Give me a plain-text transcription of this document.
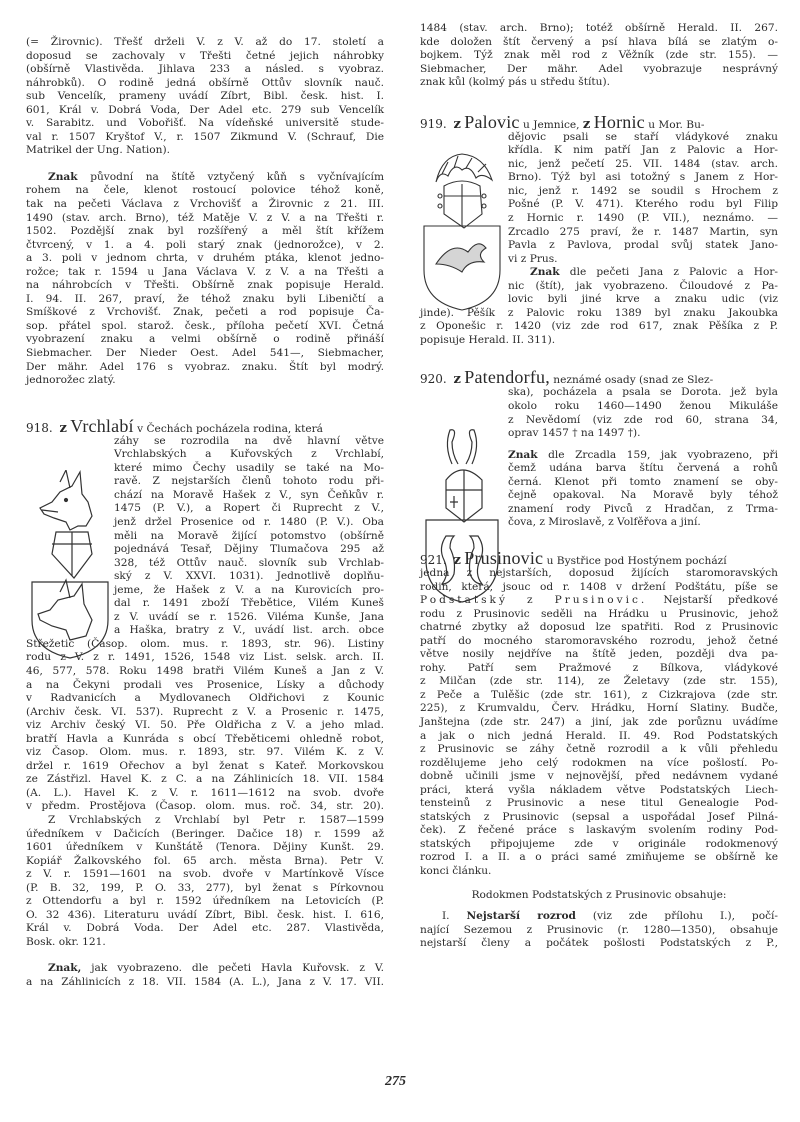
(= Žirovnic). Třešť drželi V. z V. až do 17. století a
doposud se zachovaly v Třešti četné jejich náhrobky
(obšírně Vlastivěda. Jihlava 233 a násled. s vyobraz.
náhrobků). O rodině jedná obšírně Ottův slovník nauč.
sub Vencelík, prameny uvádí Zíbrt, Bibl. česk. hist. I.
601, Král v. Dobrá Voda, Der Adel etc. 279 sub Vencelík
v. Sarabitz. und Vobořišť. Na vídeňské universitě stude-
val r. 1507 Kryštof V., r. 1507 Zikmund V. (Schrauf, Die
Matrikel der Ung. Nation).
Znak původní na štítě vztyčený kůň s vyčnívajícím
rohem na čele, klenot rostoucí polovice téhož koně,
tak na pečeti Václava z Vrchovišť a Žirovnic z 21. III.
1490 (stav. arch. Brno), též Matěje V. z V. a na Třešti r.
1502. Pozdější znak byl rozšířený a měl štít křížem
čtvrcený, v 1. a 4. poli starý znak (jednorožce), v 2.
a 3. poli v jednom chrta, v druhém ptáka, klenot jedno-
rožce; tak r. 1594 u Jana Václava V. z V. a na Třešti a
na náhrobcích v Třešti. Obšírně znak popisuje Herald.
I. 94. II. 267, praví, že téhož znaku byli Libeničtí a
Smíškové z Vrchovišť. Znak, pečeti a rod popisuje Ča-
sop. přátel spol. starož. česk., příloha pečetí XVI. Četná
vyobrazení znaku a velmi obšírně o rodině přináší
Siebmacher. Der Nieder Oest. Adel 541—, Siebmacher,
Der mähr. Adel 176 s vyobraz. znaku. Štít byl modrý.
jednorožec zlatý.
918. z Vrchlabí v Čechách pocházela rodina, která
záhy se rozrodila na dvě hlavní větve
Vrchlabských a Kuřovských z Vrchlabí,
které mimo Čechy usadily se také na Mo-
ravě. Z nejstarších členů tohoto rodu při-
chází na Moravě Hašek z V., syn Čeňkův r.
1475 (P. V.), a Ropert či Ruprecht z V.,
jenž držel Prosenice od r. 1480 (P. V.). Oba
měli na Moravě žijící potomstvo (obšírně
pojednává Tesař, Dějiny Tlumačova 295 až
328, též Ottův nauč. slovník sub Vrchlab-
ský z V. XXVI. 1031). Jednotlivě doplňu-
jeme, že Hašek z V. a na Kurovicích pro-
dal r. 1491 zboží Třebětice, Vilém Kuneš
z V. uvádí se r. 1526. Viléma Kunše, Jana
a Haška, bratry z V., uvádí list. arch. obce
Střežetic (Časop. olom. mus. r. 1893, str. 96). Listiny
rodu z V. z r. 1491, 1526, 1548 viz List. selsk. arch. II.
46, 577, 578. Roku 1498 bratři Vilém Kuneš a Jan z V.
a na Čekyni prodali ves Prosenice, Lísky a důchody
v Radvanicích a Mydlovanech Oldřichovi z Kounic
(Archiv česk. VI. 537). Ruprecht z V. a Prosenic r. 1475,
viz Archiv český VI. 50. Pře Oldřicha z V. a jeho mlad.
bratří Havla a Kunráda s obcí Třeběticemi ohledně robot,
viz Časop. Olom. mus. r. 1893, str. 97. Vilém K. z V.
držel r. 1619 Ořechov a byl ženat s Kateř. Morkovskou
ze Zástřizl. Havel K. z C. a na Záhlinicích 18. VII. 1584
(A. L.). Havel K. z V. r. 1611—1612 na svob. dvoře
v předm. Prostějova (Časop. olom. mus. roč. 34, str. 20).
Z Vrchlabských z Vrchlabí byl Petr r. 1587—1599
úředníkem v Dačicích (Beringer. Dačice 18) r. 1599 až
1601 úředníkem v Kunštátě (Tenora. Dějiny Kunšt. 29.
Kopiář Žalkovského fol. 65 arch. města Brna). Petr V.
z V. r. 1591—1601 na svob. dvoře v Martínkově Vísce
(P. B. 32, 199, P. O. 33, 277), byl ženat s Pírkovnou
z Ottendorfu a byl r. 1592 úředníkem na Letovicích (P.
O. 32 436). Literaturu uvádí Zíbrt, Bibl. česk. hist. I. 616,
Král v. Dobrá Voda. Der Adel etc. 287. Vlastivěda,
Bosk. okr. 121.
Znak, jak vyobrazeno. dle pečeti Havla Kuřovsk. z V.
a na Záhlinicích z 18. VII. 1584 (A. L.), Jana z V. 17. VII.
1484 (stav. arch. Brno); totéž obšírně Herald. II. 267.
kde doložen štít červený a psí hlava bílá se zlatým o-
bojkem. Týž znak měl rod z Věžník (zde str. 155). —
Siebmacher, Der mähr. Adel vyobrazuje nesprávný
znak kůl (kolmý pás u středu štítu).
919. z Palovic u Jemnice, z Hornic u Mor. Bu-
dějovic psali se staří vládykové znaku
křídla. K nim patří Jan z Palovic a Hor-
nic, jenž pečetí 25. VII. 1484 (stav. arch.
Brno). Týž byl asi totožný s Janem z Hor-
nic, jenž r. 1492 se soudil s Hrochem z
Pošné (P. V. 471). Kterého rodu byl Filip
z Hornic r. 1490 (P. VII.), neznámo. —
Zrcadlo 275 praví, že r. 1487 Martin, syn
Pavla z Pavlova, prodal svůj statek Jano-
vi z Prus.
Znak dle pečeti Jana z Palovic a Hor-
nic (štít), jak vyobrazeno. Čiloudové z Pa-
lovic byli jiné krve a znaku udic (viz
jinde). Pěšík z Palovic roku 1389 byl znaku Jakoubka
z Oponešic r. 1420 (viz zde rod 617, znak Pěšíka z P.
popisuje Herald. II. 311).
920. z Patendorfu, neznámé osady (snad ze Slez-
ska), pocházela a psala se Dorota. jež byla
okolo roku 1460—1490 ženou Mikuláše
z Nevědomí (viz zde rod 60, strana 34,
oprav 1457 † na 1497 †).
Znak dle Zrcadla 159, jak vyobrazeno, při
čemž udána barva štítu červená a rohů
černá. Klenot při tomto znamení se oby-
čejně opakoval. Na Moravě byly téhož
znamení rody Pivců z Hradčan, z Trma-
čova, z Miroslavě, z Volfěřova a jiní.
921. z Prusinovic u Bystřice pod Hostýnem pochází
jedna z nejstarších, doposud žijících staromoravských
rodin, která, jsouc od r. 1408 v držení Podštátu, píše se
Podstatský z Prusinovic. Nejstarší předkové
rodu z Prusinovic seděli na Hrádku u Prusinovic, jehož
chatrné zbytky až doposud lze spatřiti. Rod z Prusinovic
patří do mocného staromoravského rozrodu, jehož četné
větve nosily nejdříve na štítě jeden, později dva pa-
rohy. Patří sem Pražmové z Bílkova, vládykové
z Milčan (zde str. 114), ze Želetavy (zde str. 155),
z Peče a Tulěšic (zde str. 161), z Cizkrajova (zde str.
225), z Krumvaldu, Červ. Hrádku, Horní Slatiny. Budče,
Janštejna (zde str. 247) a jiní, jak zde porůznu uvádíme
a jak o nich jedná Herald. II. 49. Rod Podstatských
z Prusinovic se záhy četně rozrodil a k vůli přehledu
rozdělujeme jeho celý rodokmen na více pošlostí. Po-
dobně učinili jsme v nejnovější, před nedávnem vydané
práci, která vyšla nákladem větve Podstatských Liech-
tensteinů z Prusinovic a nese titul Genealogie Pod-
statských z Prusinovic (sepsal a uspořádal Josef Pilná-
ček). Z řečené práce s laskavým svolením rodiny Pod-
statských připojujeme zde v originále rodokmenový
rozrod I. a II. a o práci samé zmiňujeme se obšírně ke
konci článku.
Rodokmen Podstatských z Prusinovic obsahuje:
I. Nejstarší rozrod (viz zde přílohu I.), počí-
nající Sezemou z Prusinovic (r. 1280—1350), obsahuje
nejstarší členy a počátek pošlosti Podstatských z P.,
275
